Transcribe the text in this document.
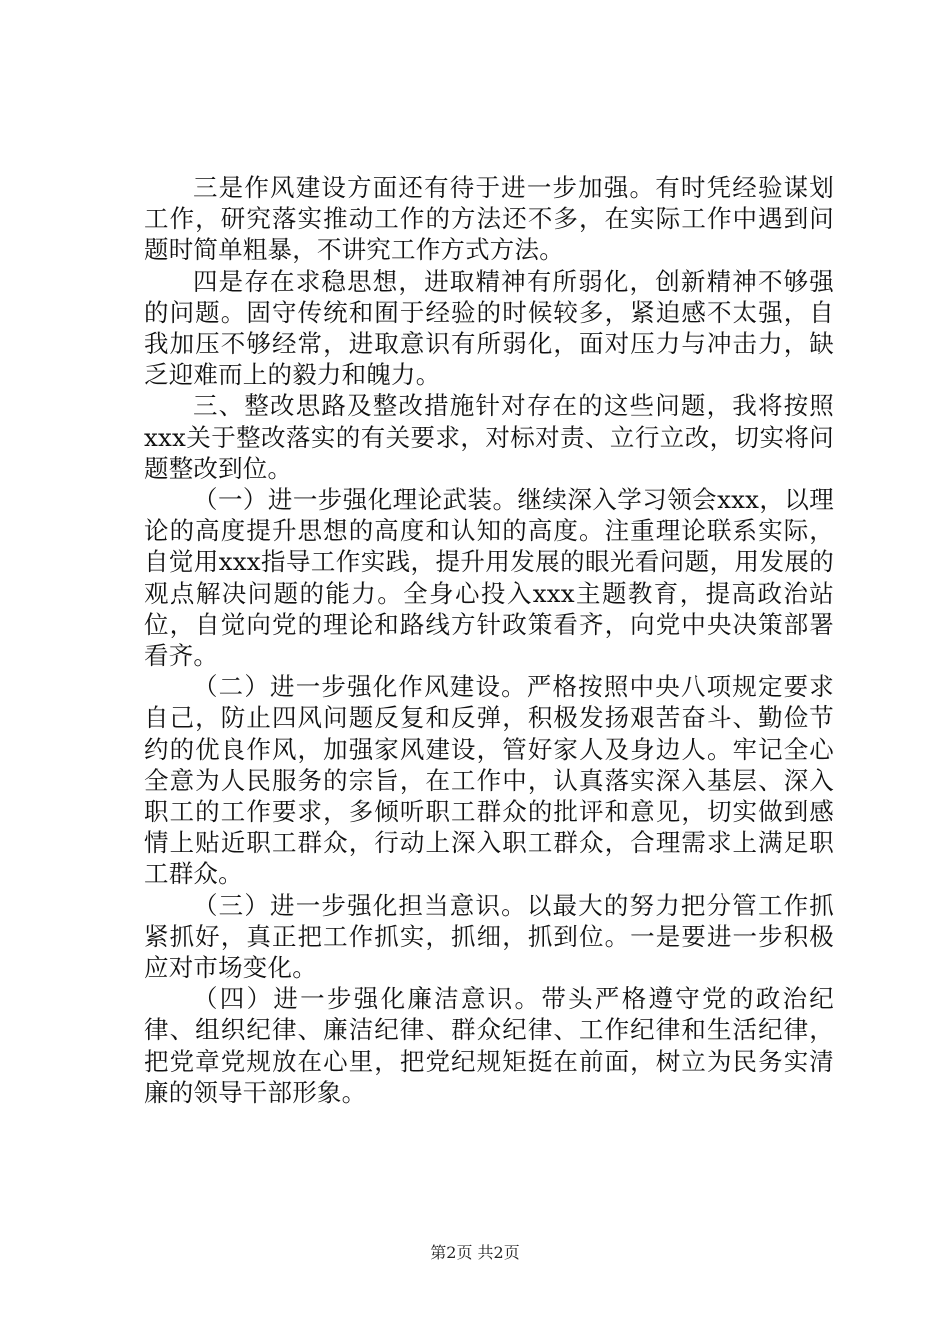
三是作风建设方面还有待于进一步加强。有时凭经验谋划工作，研究落实推动工作的方法还不多，在实际工作中遇到问题时简单粗暴，不讲究工作方式方法。

四是存在求稳思想，进取精神有所弱化，创新精神不够强的问题。固守传统和囿于经验的时候较多，紧迫感不太强，自我加压不够经常，进取意识有所弱化，面对压力与冲击力，缺乏迎难而上的毅力和魄力。

三、整改思路及整改措施针对存在的这些问题，我将按照xxx关于整改落实的有关要求，对标对责、立行立改，切实将问题整改到位。

（一）进一步强化理论武装。继续深入学习领会xxx，以理论的高度提升思想的高度和认知的高度。注重理论联系实际，自觉用xxx指导工作实践，提升用发展的眼光看问题，用发展的观点解决问题的能力。全身心投入xxx主题教育，提高政治站位，自觉向党的理论和路线方针政策看齐，向党中央决策部署看齐。

（二）进一步强化作风建设。严格按照中央八项规定要求自己，防止四风问题反复和反弹，积极发扬艰苦奋斗、勤俭节约的优良作风，加强家风建设，管好家人及身边人。牢记全心全意为人民服务的宗旨，在工作中，认真落实深入基层、深入职工的工作要求，多倾听职工群众的批评和意见，切实做到感情上贴近职工群众，行动上深入职工群众，合理需求上满足职工群众。

（三）进一步强化担当意识。以最大的努力把分管工作抓紧抓好，真正把工作抓实，抓细，抓到位。一是要进一步积极应对市场变化。

（四）进一步强化廉洁意识。带头严格遵守党的政治纪律、组织纪律、廉洁纪律、群众纪律、工作纪律和生活纪律，把党章党规放在心里，把党纪规矩挺在前面，树立为民务实清廉的领导干部形象。

第2页 共2页
